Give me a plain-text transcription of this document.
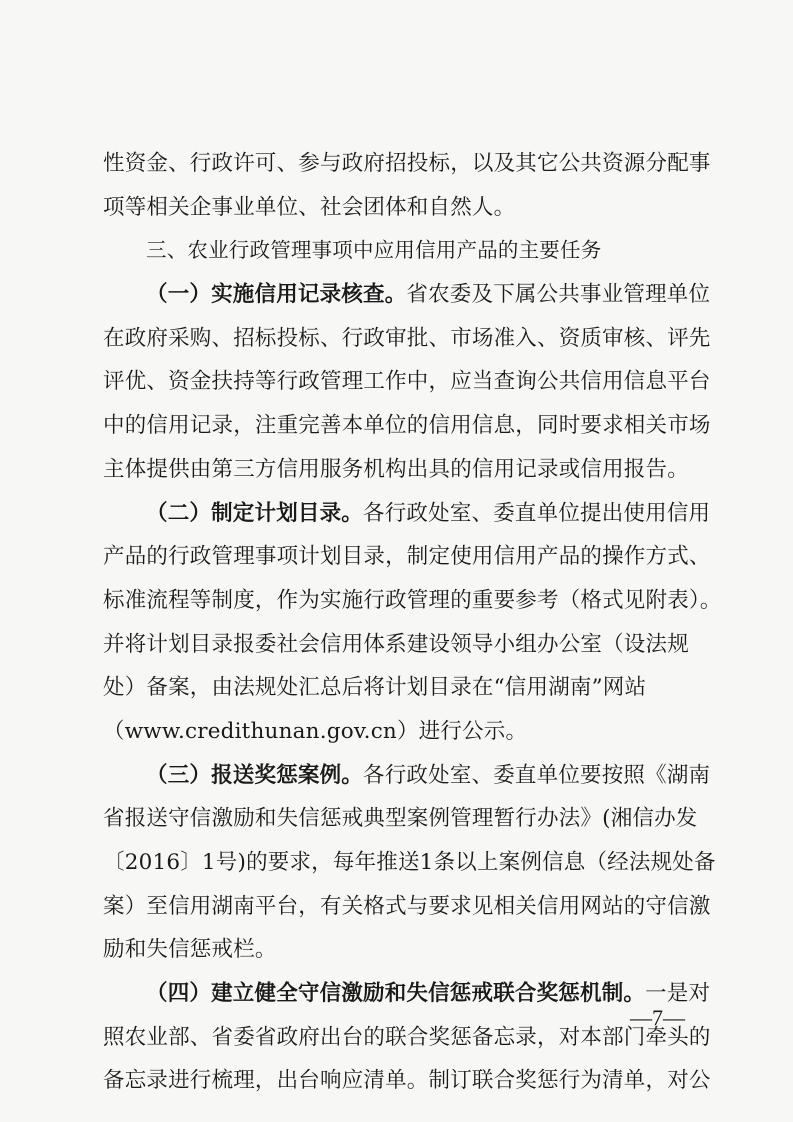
性资金、行政许可、参与政府招投标，以及其它公共资源分配事
项等相关企事业单位、社会团体和自然人。
三、农业行政管理事项中应用信用产品的主要任务
（一）实施信用记录核查。省农委及下属公共事业管理单位
在政府采购、招标投标、行政审批、市场准入、资质审核、评先
评优、资金扶持等行政管理工作中，应当查询公共信用信息平台
中的信用记录，注重完善本单位的信用信息，同时要求相关市场
主体提供由第三方信用服务机构出具的信用记录或信用报告。
（二）制定计划目录。各行政处室、委直单位提出使用信用
产品的行政管理事项计划目录，制定使用信用产品的操作方式、
标准流程等制度，作为实施行政管理的重要参考（格式见附表）。
并将计划目录报委社会信用体系建设领导小组办公室（设法规
处）备案，由法规处汇总后将计划目录在“信用湖南”网站
（www.credithunan.gov.cn）进行公示。
（三）报送奖惩案例。各行政处室、委直单位要按照《湖南
省报送守信激励和失信惩戒典型案例管理暂行办法》(湘信办发
〔2016〕1号)的要求，每年推送1条以上案例信息（经法规处备
案）至信用湖南平台，有关格式与要求见相关信用网站的守信激
励和失信惩戒栏。
（四）建立健全守信激励和失信惩戒联合奖惩机制。一是对
照农业部、省委省政府出台的联合奖惩备忘录，对本部门牵头的
备忘录进行梳理，出台响应清单。制订联合奖惩行为清单，对公
—7—
